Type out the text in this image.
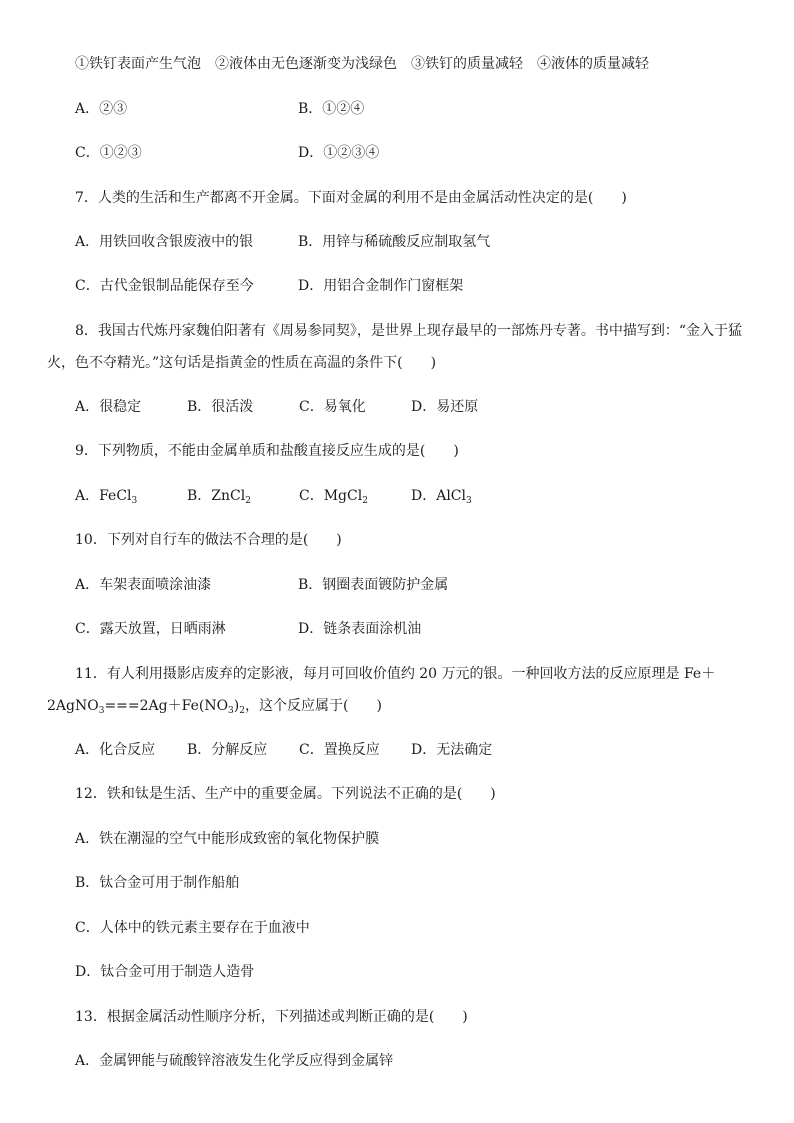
①铁钉表面产生气泡　②液体由无色逐渐变为浅绿色　③铁钉的质量减轻　④液体的质量减轻
A．②③	B．①②④
C．①②③	D．①②③④
7．人类的生活和生产都离不开金属。下面对金属的利用不是由金属活动性决定的是(　　)
A．用铁回收含银废液中的银	B．用锌与稀硫酸反应制取氢气
C．古代金银制品能保存至今	D．用铝合金制作门窗框架
8．我国古代炼丹家魏伯阳著有《周易参同契》，是世界上现存最早的一部炼丹专著。书中描写到：“金入于猛
火，色不夺精光。”这句话是指黄金的性质在高温的条件下(　　)
A．很稳定	B．很活泼	C．易氧化	D．易还原
9．下列物质，不能由金属单质和盐酸直接反应生成的是(　　)
A．FeCl$_3$	B．ZnCl$_2$	C．MgCl$_2$	D．AlCl$_3$
10．下列对自行车的做法不合理的是(　　)
A．车架表面喷涂油漆	B．钢圈表面镀防护金属
C．露天放置，日晒雨淋	D．链条表面涂机油
11．有人利用摄影店废弃的定影液，每月可回收价值约 20 万元的银。一种回收方法的反应原理是 Fe＋
$2AgNO_3===2Ag+Fe(NO_3)_2$，这个反应属于(　　)
A．化合反应 B．分解反应 C．置换反应 D．无法确定
12．铁和钛是生活、生产中的重要金属。下列说法不正确的是(　　)
A．铁在潮湿的空气中能形成致密的氧化物保护膜
B．钛合金可用于制作船舶
C．人体中的铁元素主要存在于血液中
D．钛合金可用于制造人造骨
13．根据金属活动性顺序分析，下列描述或判断正确的是(　　)
A．金属钾能与硫酸锌溶液发生化学反应得到金属锌
